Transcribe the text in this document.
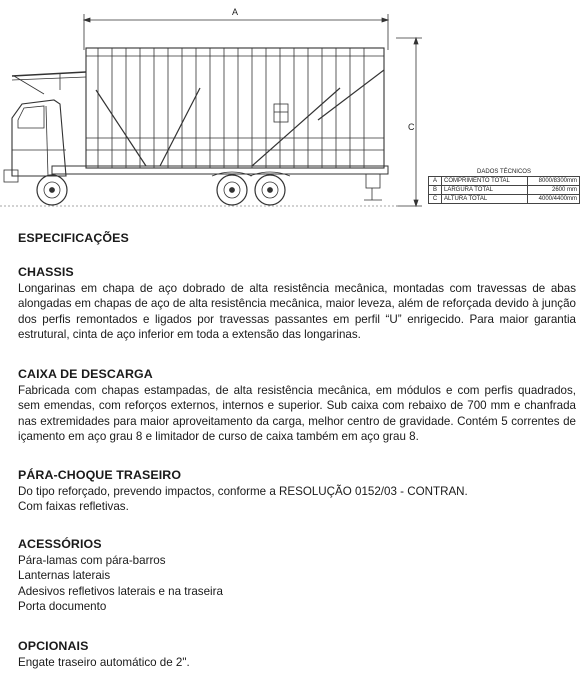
A
C
DADOS TÉCNICOS		
A	COMPRIMENTO TOTAL	8000/8300mm
B	LARGURA TOTAL	2600 mm
C	ALTURA TOTAL	4000/4400mm
ESPECIFICAÇÕES
CHASSIS

Longarinas em chapa de aço dobrado de alta resistência mecânica, montadas com travessas de abas alongadas em chapas de aço de alta resistência mecânica, maior leveza, além de reforçada devido à junção dos perfis remontados e ligados por travessas passantes em perfil “U” enrigecido. Para maior garantia estrutural, cinta de aço inferior em toda a extensão das longarinas.

CAIXA DE DESCARGA

Fabricada com chapas estampadas, de alta resistência mecânica, em módulos e com perfis quadrados, sem emendas, com reforços externos, internos e superior. Sub caixa com rebaixo de 700 mm e chanfrada nas extremidades para maior aproveitamento da carga, melhor centro de gravidade. Contém 5 correntes de içamento em aço grau 8 e limitador de curso de caixa também em aço grau 8.

PÁRA-CHOQUE TRASEIRO
Do tipo reforçado, prevendo impactos, conforme a RESOLUÇÃO 0152/03 - CONTRAN.
Com faixas refletivas.
ACESSÓRIOS
Pára-lamas com pára-barros
Lanternas laterais
Adesivos refletivos laterais e na traseira
Porta documento
OPCIONAIS
Engate traseiro automático de 2".
